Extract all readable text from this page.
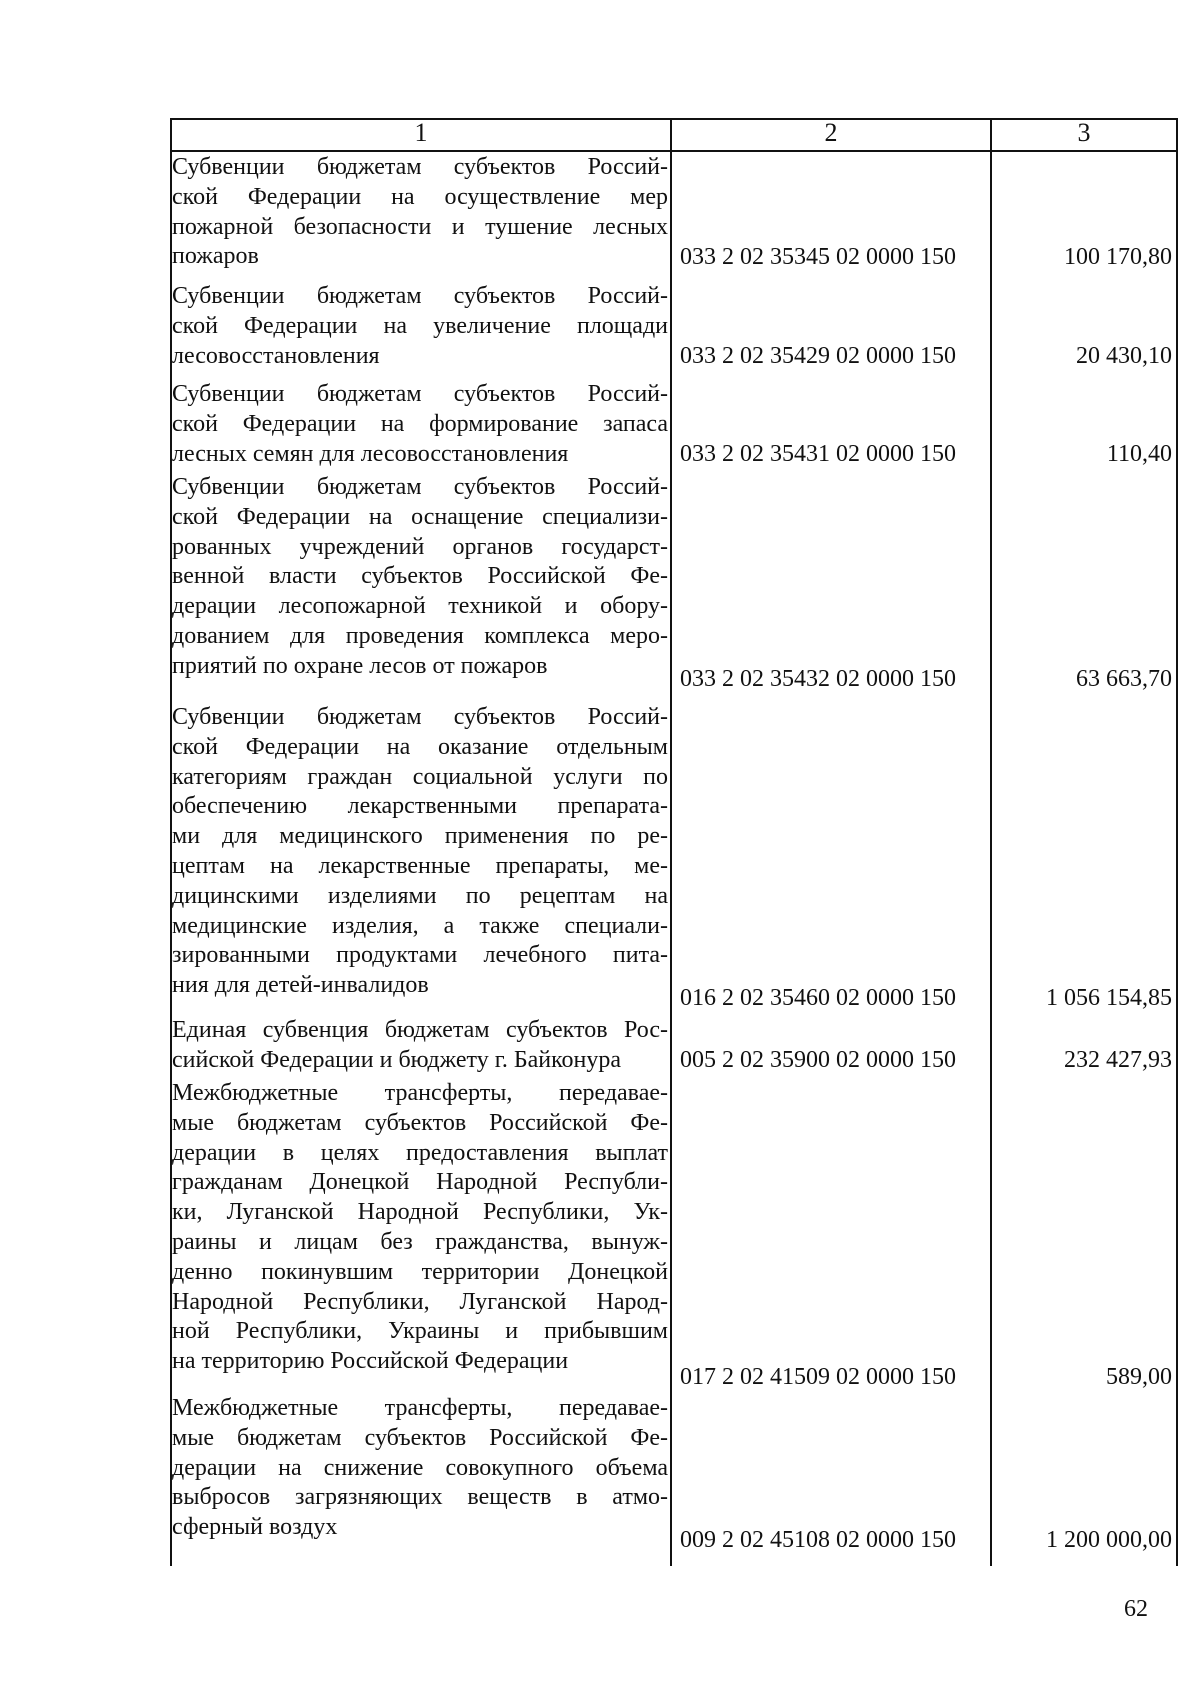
1	2	3
Субвенции бюджетам субъектов Россий-
ской Федерации на осуществление мер
пожарной безопасности и тушение лесных
пожаров	033 2 02 35345 02 0000 150	100 170,80
Субвенции бюджетам субъектов Россий-
ской Федерации на увеличение площади
лесовосстановления	033 2 02 35429 02 0000 150	20 430,10
Субвенции бюджетам субъектов Россий-
ской Федерации на формирование запаса
лесных семян для лесовосстановления	033 2 02 35431 02 0000 150	110,40
Субвенции бюджетам субъектов Россий-
ской Федерации на оснащение специализи-
рованных учреждений органов государст-
венной власти субъектов Российской Фе-
дерации лесопожарной техникой и обору-
дованием для проведения комплекса меро-
приятий по охране лесов от пожаров
033 2 02 35432 02 0000 150	63 663,70
Субвенции бюджетам субъектов Россий-
ской Федерации на оказание отдельным
категориям граждан социальной услуги по
обеспечению лекарственными препарата-
ми для медицинского применения по ре-
цептам на лекарственные препараты, ме-
дицинскими изделиями по рецептам на
медицинские изделия, а также специали-
зированными продуктами лечебного пита-
ния для детей-инвалидов	016 2 02 35460 02 0000 150	1 056 154,85
Единая субвенция бюджетам субъектов Рос-
сийской Федерации и бюджету г. Байконура	005 2 02 35900 02 0000 150	232 427,93
Межбюджетные трансферты, передавае-
мые бюджетам субъектов Российской Фе-
дерации в целях предоставления выплат
гражданам Донецкой Народной Республи-
ки, Луганской Народной Республики, Ук-
раины и лицам без гражданства, вынуж-
денно покинувшим территории Донецкой
Народной Республики, Луганской Народ-
ной Республики, Украины и прибывшим
на территорию Российской Федерации
017 2 02 41509 02 0000 150	589,00
Межбюджетные трансферты, передавае-
мые бюджетам субъектов Российской Фе-
дерации на снижение совокупного объема
выбросов загрязняющих веществ в атмо-
сферный воздух	009 2 02 45108 02 0000 150	1 200 000,00
62
